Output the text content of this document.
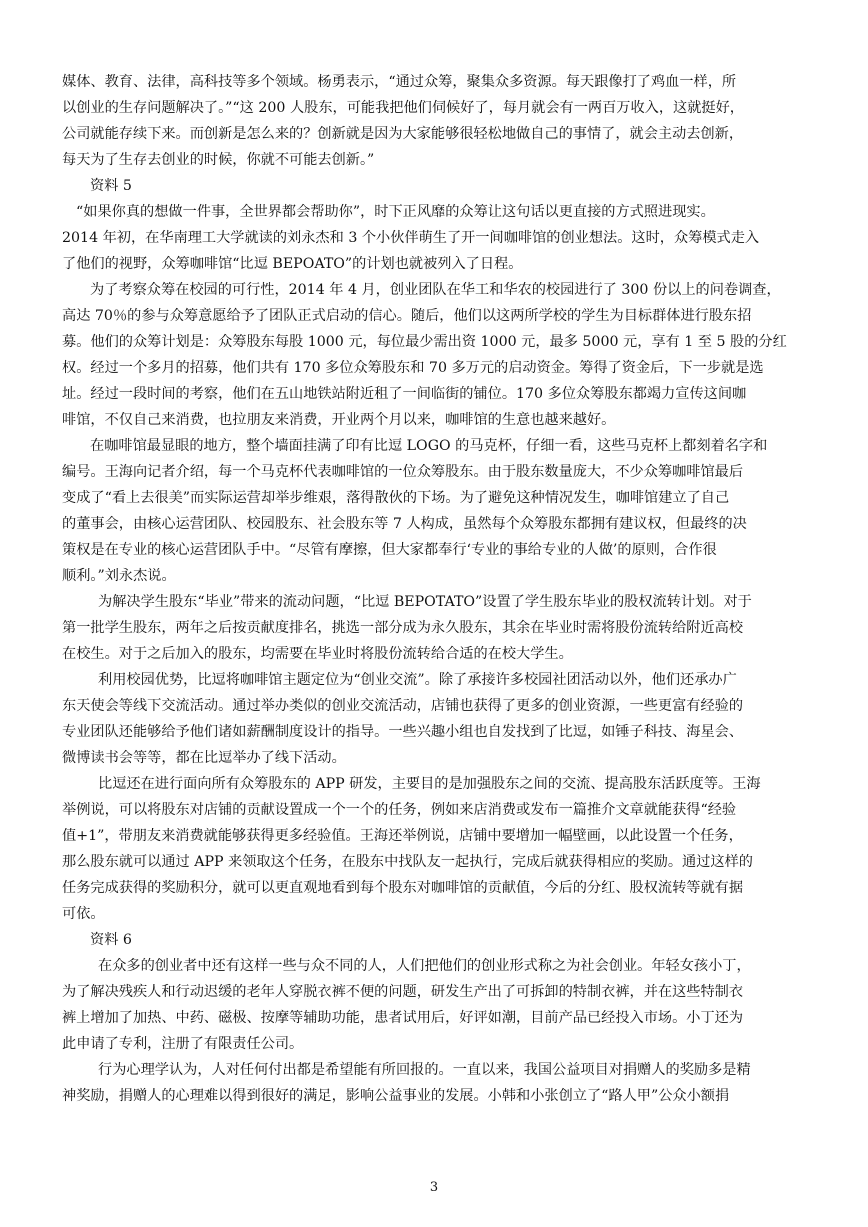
媒体、教育、法律，高科技等多个领域。杨勇表示，“通过众筹，聚集众多资源。每天跟像打了鸡血一样，所
以创业的生存问题解决了。”“这 200 人股东，可能我把他们伺候好了，每月就会有一两百万收入，这就挺好，
公司就能存续下来。而创新是怎么来的？创新就是因为大家能够很轻松地做自己的事情了，就会主动去创新，
每天为了生存去创业的时候，你就不可能去创新。”
资料 5
“如果你真的想做一件事，全世界都会帮助你”，时下正风靡的众筹让这句话以更直接的方式照进现实。
2014 年初，在华南理工大学就读的刘永杰和 3 个小伙伴萌生了开一间咖啡馆的创业想法。这时，众筹模式走入
了他们的视野，众筹咖啡馆“比逗 BEPOATO”的计划也就被列入了日程。
为了考察众筹在校园的可行性，2014 年 4 月，创业团队在华工和华农的校园进行了 300 份以上的问卷调查，
高达 70％的参与众筹意愿给予了团队正式启动的信心。随后，他们以这两所学校的学生为目标群体进行股东招
募。他们的众筹计划是：众筹股东每股 1000 元，每位最少需出资 1000 元，最多 5000 元，享有 1 至 5 股的分红
权。经过一个多月的招募，他们共有 170 多位众筹股东和 70 多万元的启动资金。筹得了资金后，下一步就是选
址。经过一段时间的考察，他们在五山地铁站附近租了一间临街的铺位。170 多位众筹股东都竭力宣传这间咖
啡馆，不仅自己来消费，也拉朋友来消费，开业两个月以来，咖啡馆的生意也越来越好。
在咖啡馆最显眼的地方，整个墙面挂满了印有比逗 LOGO 的马克杯，仔细一看，这些马克杯上都刻着名字和
编号。王海向记者介绍，每一个马克杯代表咖啡馆的一位众筹股东。由于股东数量庞大，不少众筹咖啡馆最后
变成了“看上去很美”而实际运营却举步维艰，落得散伙的下场。为了避免这种情况发生，咖啡馆建立了自己
的董事会，由核心运营团队、校园股东、社会股东等 7 人构成，虽然每个众筹股东都拥有建议权，但最终的决
策权是在专业的核心运营团队手中。“尽管有摩擦，但大家都奉行‘专业的事给专业的人做’的原则，合作很
顺利。”刘永杰说。
为解决学生股东“毕业”带来的流动问题，“比逗 BEPOTATO”设置了学生股东毕业的股权流转计划。对于
第一批学生股东，两年之后按贡献度排名，挑选一部分成为永久股东，其余在毕业时需将股份流转给附近高校
在校生。对于之后加入的股东，均需要在毕业时将股份流转给合适的在校大学生。
利用校园优势，比逗将咖啡馆主题定位为“创业交流”。除了承接许多校园社团活动以外，他们还承办广
东天使会等线下交流活动。通过举办类似的创业交流活动，店铺也获得了更多的创业资源，一些更富有经验的
专业团队还能够给予他们诸如薪酬制度设计的指导。一些兴趣小组也自发找到了比逗，如锤子科技、海星会、
微博读书会等等，都在比逗举办了线下活动。
比逗还在进行面向所有众筹股东的 APP 研发，主要目的是加强股东之间的交流、提高股东活跃度等。王海
举例说，可以将股东对店铺的贡献设置成一个一个的任务，例如来店消费或发布一篇推介文章就能获得“经验
值+1”，带朋友来消费就能够获得更多经验值。王海还举例说，店铺中要增加一幅壁画，以此设置一个任务，
那么股东就可以通过 APP 来领取这个任务，在股东中找队友一起执行，完成后就获得相应的奖励。通过这样的
任务完成获得的奖励积分，就可以更直观地看到每个股东对咖啡馆的贡献值，今后的分红、股权流转等就有据
可依。
资料 6
在众多的创业者中还有这样一些与众不同的人，人们把他们的创业形式称之为社会创业。年轻女孩小丁，
为了解决残疾人和行动迟缓的老年人穿脱衣裤不便的问题，研发生产出了可拆卸的特制衣裤，并在这些特制衣
裤上增加了加热、中药、磁极、按摩等辅助功能，患者试用后，好评如潮，目前产品已经投入市场。小丁还为
此申请了专利，注册了有限责任公司。
行为心理学认为，人对任何付出都是希望能有所回报的。一直以来，我国公益项目对捐赠人的奖励多是精
神奖励，捐赠人的心理难以得到很好的满足，影响公益事业的发展。小韩和小张创立了“路人甲”公众小额捐
3
